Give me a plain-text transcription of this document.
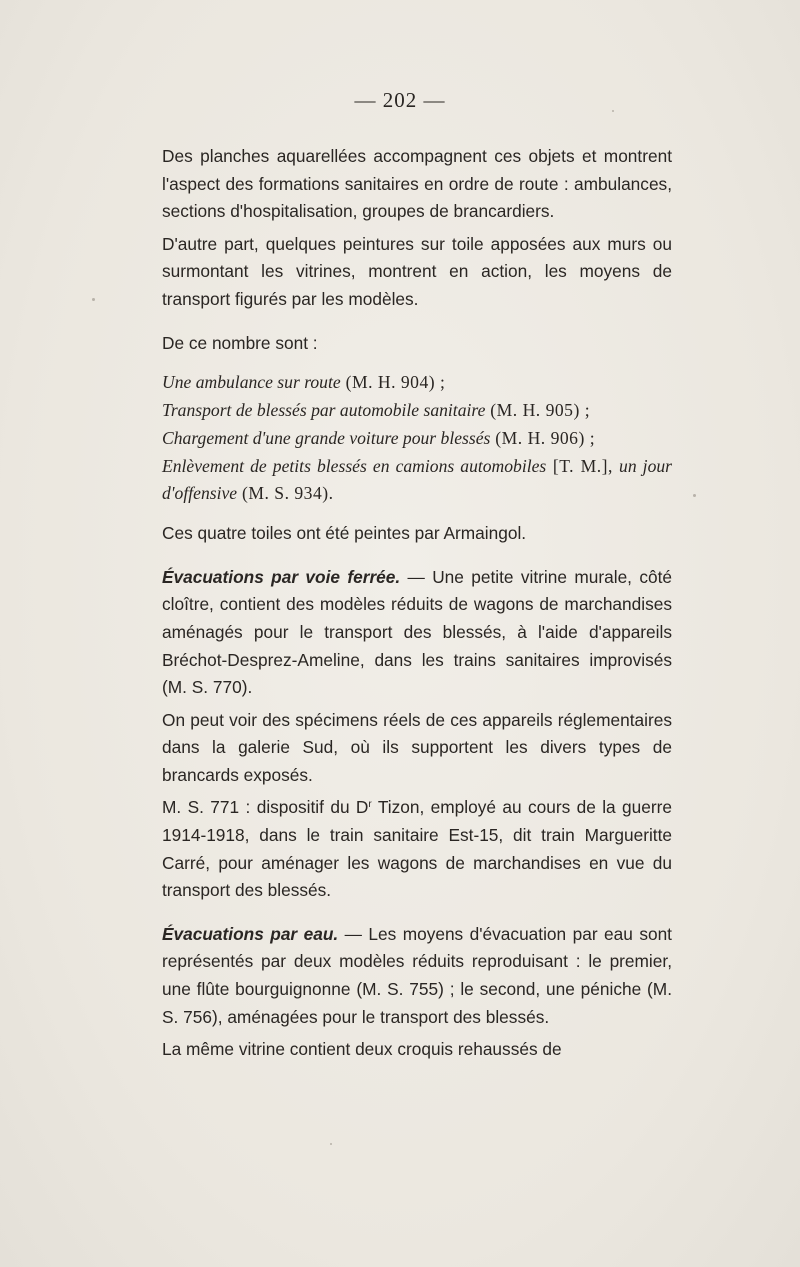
— 202 —

Des planches aquarellées accompagnent ces objets et montrent l'aspect des formations sanitaires en ordre de route : ambulances, sections d'hospitalisation, groupes de brancardiers.

D'autre part, quelques peintures sur toile apposées aux murs ou surmontant les vitrines, montrent en action, les moyens de transport figurés par les modèles.

De ce nombre sont :

Une ambulance sur route (M. H. 904) ;

Transport de blessés par automobile sanitaire (M. H. 905) ;

Chargement d'une grande voiture pour blessés (M. H. 906) ;

Enlèvement de petits blessés en camions automobiles [T. M.], un jour d'offensive (M. S. 934).

Ces quatre toiles ont été peintes par Armaingol.

Évacuations par voie ferrée. — Une petite vitrine murale, côté cloître, contient des modèles réduits de wagons de marchandises aménagés pour le transport des blessés, à l'aide d'appareils Bréchot-Desprez-Ameline, dans les trains sanitaires improvisés (M. S. 770).

On peut voir des spécimens réels de ces appareils réglementaires dans la galerie Sud, où ils supportent les divers types de brancards exposés.

M. S. 771 : dispositif du $D^r$ Tizon, employé au cours de la guerre 1914-1918, dans le train sanitaire Est-15, dit train Margueritte Carré, pour aménager les wagons de marchandises en vue du transport des blessés.

Évacuations par eau. — Les moyens d'évacuation par eau sont représentés par deux modèles réduits reproduisant : le premier, une flûte bourguignonne (M. S. 755) ; le second, une péniche (M. S. 756), aménagées pour le transport des blessés.

La même vitrine contient deux croquis rehaussés de
